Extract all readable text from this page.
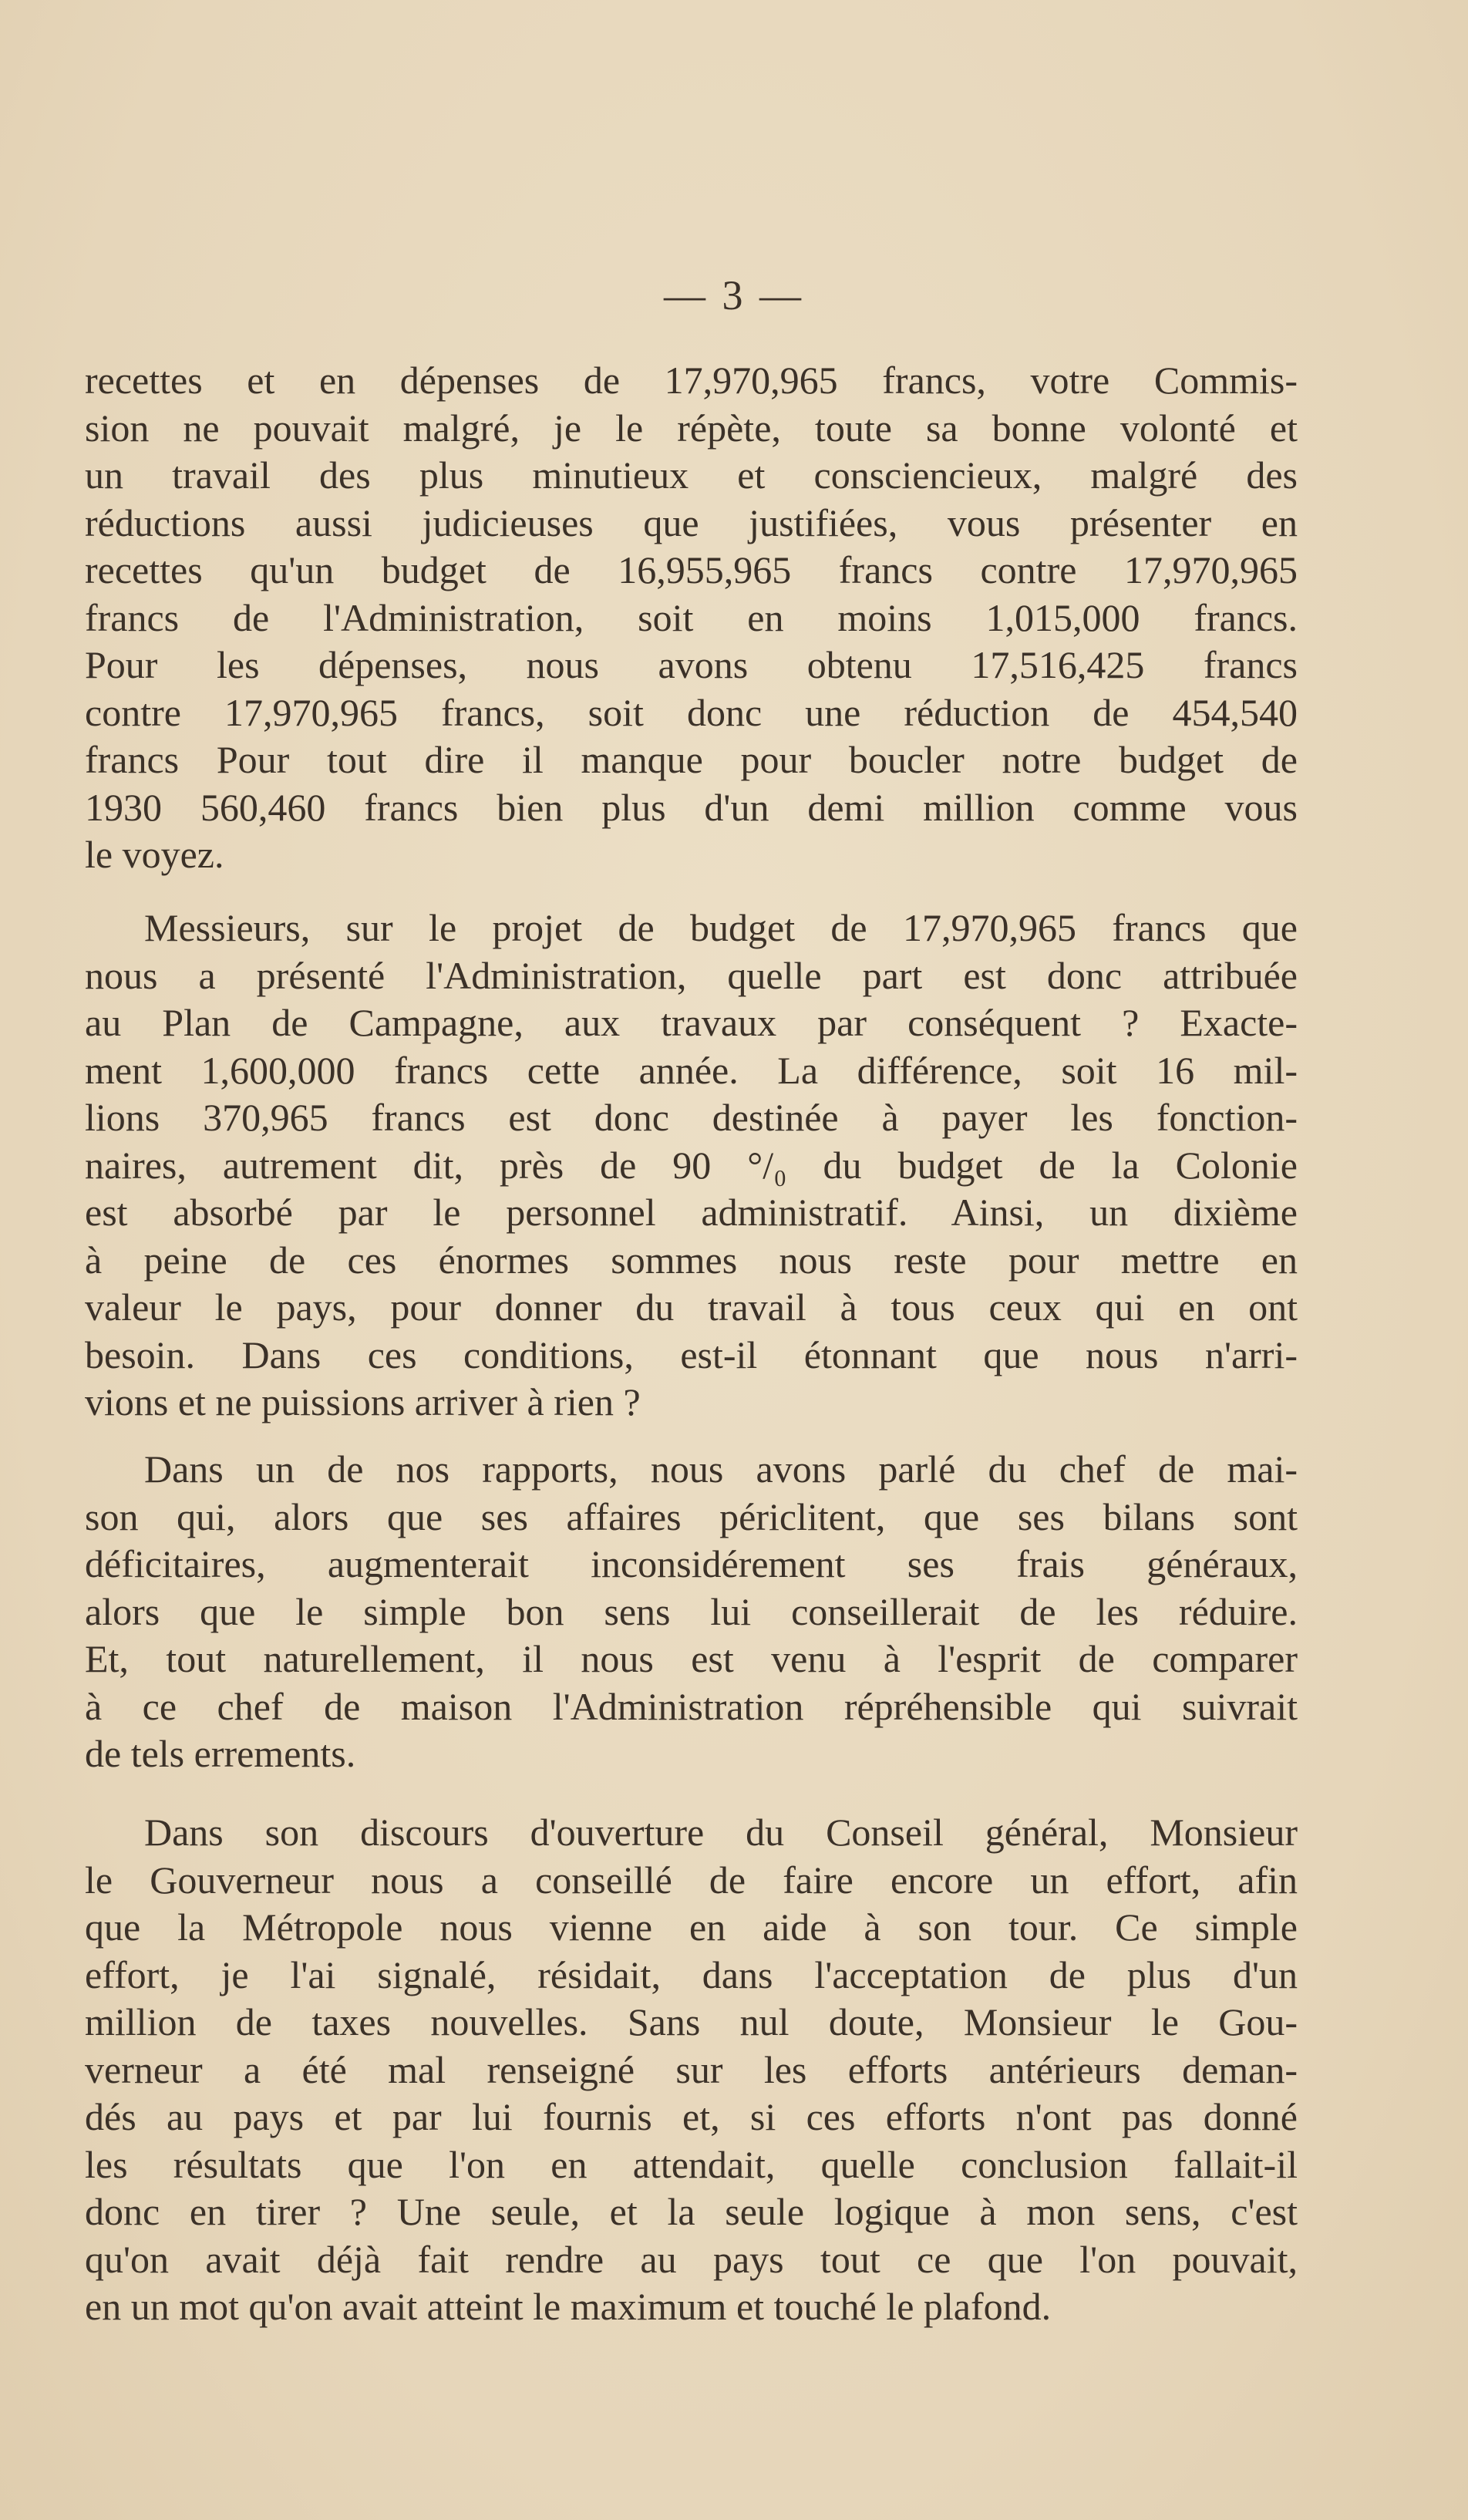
— 3 —
recettes et en dépenses de 17,970,965 francs, votre Commis-
sion ne pouvait malgré, je le répète, toute sa bonne volonté et
un travail des plus minutieux et consciencieux, malgré des
réductions aussi judicieuses que justifiées, vous présenter en
recettes qu'un budget de 16,955,965 francs contre 17,970,965
francs de l'Administration, soit en moins 1,015,000 francs.
Pour les dépenses, nous avons obtenu 17,516,425 francs
contre 17,970,965 francs, soit donc une réduction de 454,540
francs Pour tout dire il manque pour boucler notre budget de
1930 560,460 francs bien plus d'un demi million comme vous
le voyez.
Messieurs, sur le projet de budget de 17,970,965 francs que
nous a présenté l'Administration, quelle part est donc attribuée
au Plan de Campagne, aux travaux par conséquent ? Exacte-
ment 1,600,000 francs cette année. La différence, soit 16 mil-
lions 370,965 francs est donc destinée à payer les fonction-
naires, autrement dit, près de 90 °/₀ du budget de la Colonie
est absorbé par le personnel administratif. Ainsi, un dixième
à peine de ces énormes sommes nous reste pour mettre en
valeur le pays, pour donner du travail à tous ceux qui en ont
besoin. Dans ces conditions, est-il étonnant que nous n'arri-
vions et ne puissions arriver à rien ?
Dans un de nos rapports, nous avons parlé du chef de mai-
son qui, alors que ses affaires périclitent, que ses bilans sont
déficitaires, augmenterait inconsidérement ses frais généraux,
alors que le simple bon sens lui conseillerait de les réduire.
Et, tout naturellement, il nous est venu à l'esprit de comparer
à ce chef de maison l'Administration répréhensible qui suivrait
de tels errements.
Dans son discours d'ouverture du Conseil général, Monsieur
le Gouverneur nous a conseillé de faire encore un effort, afin
que la Métropole nous vienne en aide à son tour. Ce simple
effort, je l'ai signalé, résidait, dans l'acceptation de plus d'un
million de taxes nouvelles. Sans nul doute, Monsieur le Gou-
verneur a été mal renseigné sur les efforts antérieurs deman-
dés au pays et par lui fournis et, si ces efforts n'ont pas donné
les résultats que l'on en attendait, quelle conclusion fallait-il
donc en tirer ? Une seule, et la seule logique à mon sens, c'est
qu'on avait déjà fait rendre au pays tout ce que l'on pouvait,
en un mot qu'on avait atteint le maximum et touché le plafond.
